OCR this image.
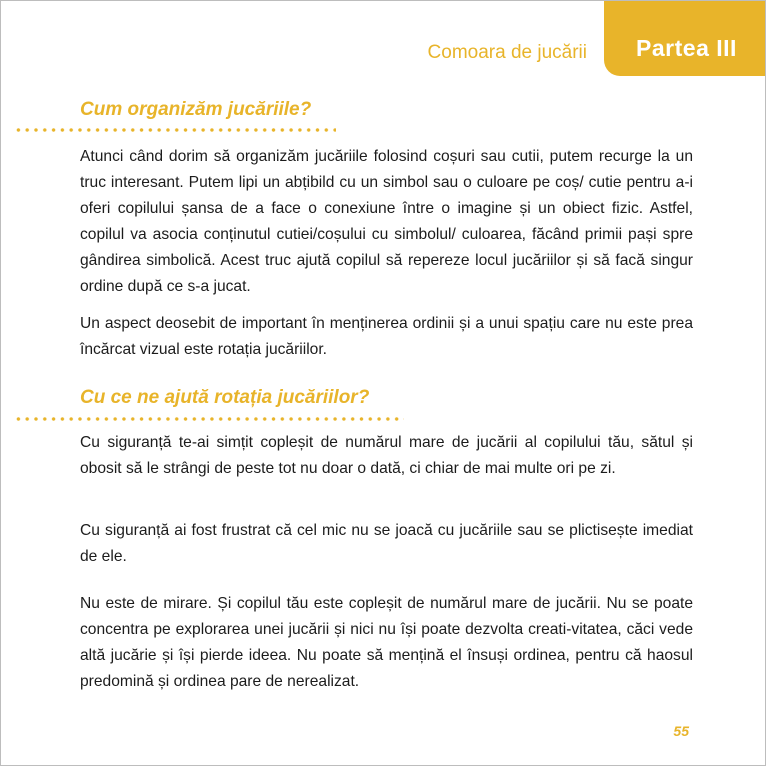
Comoara de jucării	Partea III
Cum organizăm jucăriile?

Atunci când dorim să organizăm jucăriile folosind coșuri sau cutii, putem recurge la un truc interesant. Putem lipi un abțibild cu un simbol sau o culoare pe coș/ cutie pentru a-i oferi copilului șansa de a face o conexiune între o imagine și un obiect fizic. Astfel, copilul va asocia conținutul cutiei/coșului cu simbolul/ culoarea, făcând primii pași spre gândirea simbolică. Acest truc ajută copilul să repereze locul jucăriilor și să facă singur ordine după ce s-a jucat.

Un aspect deosebit de important în menținerea ordinii și a unui spațiu care nu este prea încărcat vizual este rotația jucăriilor.

Cu ce ne ajută rotația jucăriilor?

Cu siguranță te-ai simțit copleșit de numărul mare de jucării al copilului tău, sătul și obosit să le strângi de peste tot nu doar o dată, ci chiar de mai multe ori pe zi.

Cu siguranță ai fost frustrat că cel mic nu se joacă cu jucăriile sau se plictisește imediat de ele.

Nu este de mirare. Și copilul tău este copleșit de numărul mare de jucării. Nu se poate concentra pe explorarea unei jucării și nici nu își poate dezvolta creati-vitatea, căci vede altă jucărie și își pierde ideea. Nu poate să mențină el însuși ordinea, pentru că haosul predomină și ordinea pare de nerealizat.

55
